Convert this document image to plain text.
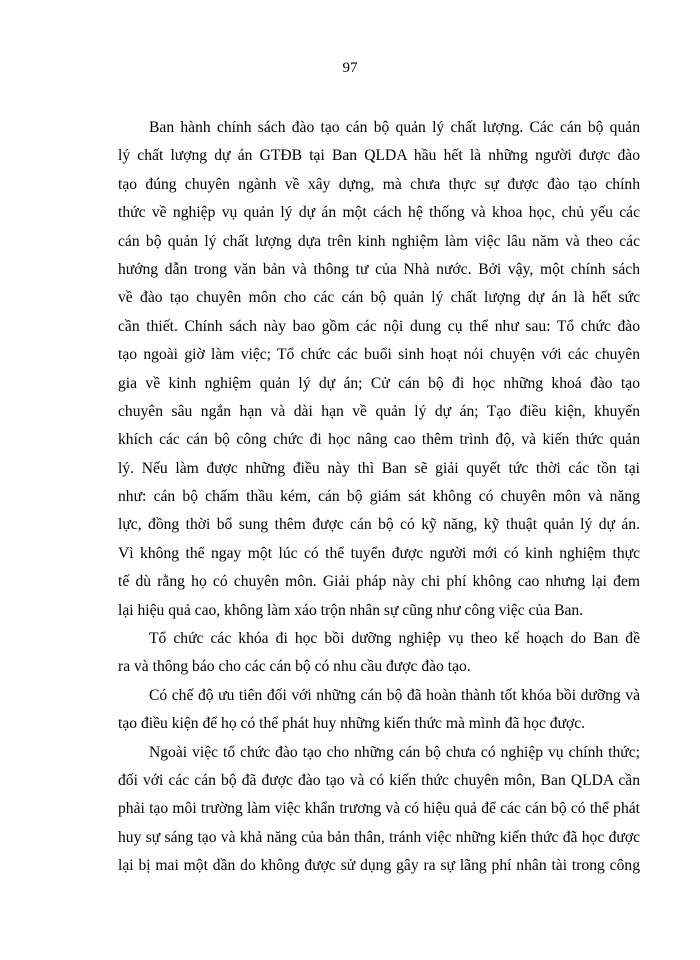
97
Ban hành chính sách đào tạo cán bộ quản lý chất lượng. Các cán bộ quản
lý chất lượng dự án GTĐB tại Ban QLDA hầu hết là những người được đào
tạo đúng chuyên ngành về xây dựng, mà chưa thực sự được đào tạo chính
thức về nghiệp vụ quản lý dự án một cách hệ thống và khoa học, chủ yếu các
cán bộ quản lý chất lượng dựa trên kinh nghiệm làm việc lâu năm và theo các
hướng dẫn trong văn bản và thông tư của Nhà nước. Bởi vậy, một chính sách
về đào tạo chuyên môn cho các cán bộ quản lý chất lượng dự án là hết sức
cần thiết. Chính sách này bao gồm các nội dung cụ thể như sau: Tổ chức đào
tạo ngoài giờ làm việc; Tổ chức các buổi sinh hoạt nói chuyện với các chuyên
gia về kinh nghiệm quản lý dự án; Cử cán bộ đi học những khoá đào tạo
chuyên sâu ngắn hạn và dài hạn về quản lý dự án; Tạo điều kiện, khuyến
khích các cán bộ công chức đi học nâng cao thêm trình độ, và kiến thức quản
lý. Nếu làm được những điều này thì Ban sẽ giải quyết tức thời các tồn tại
như: cán bộ chấm thầu kém, cán bộ giám sát không có chuyên môn và năng
lực, đồng thời bổ sung thêm được cán bộ có kỹ năng, kỹ thuật quản lý dự án.
Vì không thể ngay một lúc có thể tuyển được người mới có kinh nghiệm thực
tế dù rằng họ có chuyên môn. Giải pháp này chi phí không cao nhưng lại đem
lại hiệu quả cao, không làm xáo trộn nhân sự cũng như công việc của Ban.
Tổ chức các khóa đi học bồi dưỡng nghiệp vụ theo kế hoạch do Ban đề
ra và thông báo cho các cán bộ có nhu cầu được đào tạo.
Có chế độ ưu tiên đối với những cán bộ đã hoàn thành tốt khóa bồi dưỡng và
tạo điều kiện để họ có thể phát huy những kiến thức mà mình đã học được.
Ngoài việc tổ chức đào tạo cho những cán bộ chưa có nghiệp vụ chính thức;
đối với các cán bộ đã được đào tạo và có kiến thức chuyên môn, Ban QLDA cần
phải tạo môi trường làm việc khẩn trương và có hiệu quả để các cán bộ có thể phát
huy sự sáng tạo và khả năng của bản thân, tránh việc những kiến thức đã học được
lại bị mai một dần do không được sử dụng gây ra sự lãng phí nhân tài trong công
